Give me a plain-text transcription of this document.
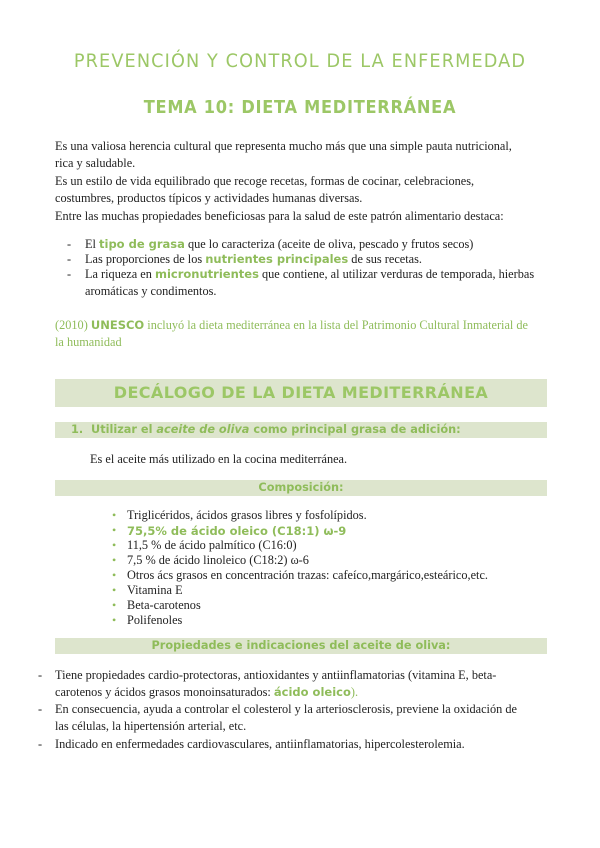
PREVENCIÓN Y CONTROL DE LA ENFERMEDAD
TEMA 10: DIETA MEDITERRÁNEA
Es una valiosa herencia cultural que representa mucho más que una simple pauta nutricional,
rica y saludable.
Es un estilo de vida equilibrado que recoge recetas, formas de cocinar, celebraciones,
costumbres, productos típicos y actividades humanas diversas.
Entre las muchas propiedades beneficiosas para la salud de este patrón alimentario destaca:
- El tipo de grasa que lo caracteriza (aceite de oliva, pescado y frutos secos)
- Las proporciones de los nutrientes principales de sus recetas.
- La riqueza en micronutrientes que contiene, al utilizar verduras de temporada, hierbas
aromáticas y condimentos.
(2010) UNESCO incluyó la dieta mediterránea en la lista del Patrimonio Cultural Inmaterial de
la humanidad
DECÁLOGO DE LA DIETA MEDITERRÁNEA
1. Utilizar el aceite de oliva como principal grasa de adición:
Es el aceite más utilizado en la cocina mediterránea.
Composición:
• Triglicéridos, ácidos grasos libres y fosfolípidos.
• 75,5% de ácido oleico (C18:1) ω-9
• 11,5 % de ácido palmítico (C16:0)
• 7,5 % de ácido linoleico (C18:2) ω-6
• Otros ács grasos en concentración trazas: cafeíco,margárico,esteárico,etc.
• Vitamina E
• Beta-carotenos
• Polifenoles
Propiedades e indicaciones del aceite de oliva:
- Tiene propiedades cardio-protectoras, antioxidantes y antiinflamatorias (vitamina E, beta-
carotenos y ácidos grasos monoinsaturados: ácido oleico).
- En consecuencia, ayuda a controlar el colesterol y la arteriosclerosis, previene la oxidación de
las células, la hipertensión arterial, etc.
- Indicado en enfermedades cardiovasculares, antiinflamatorias, hipercolesterolemia.
